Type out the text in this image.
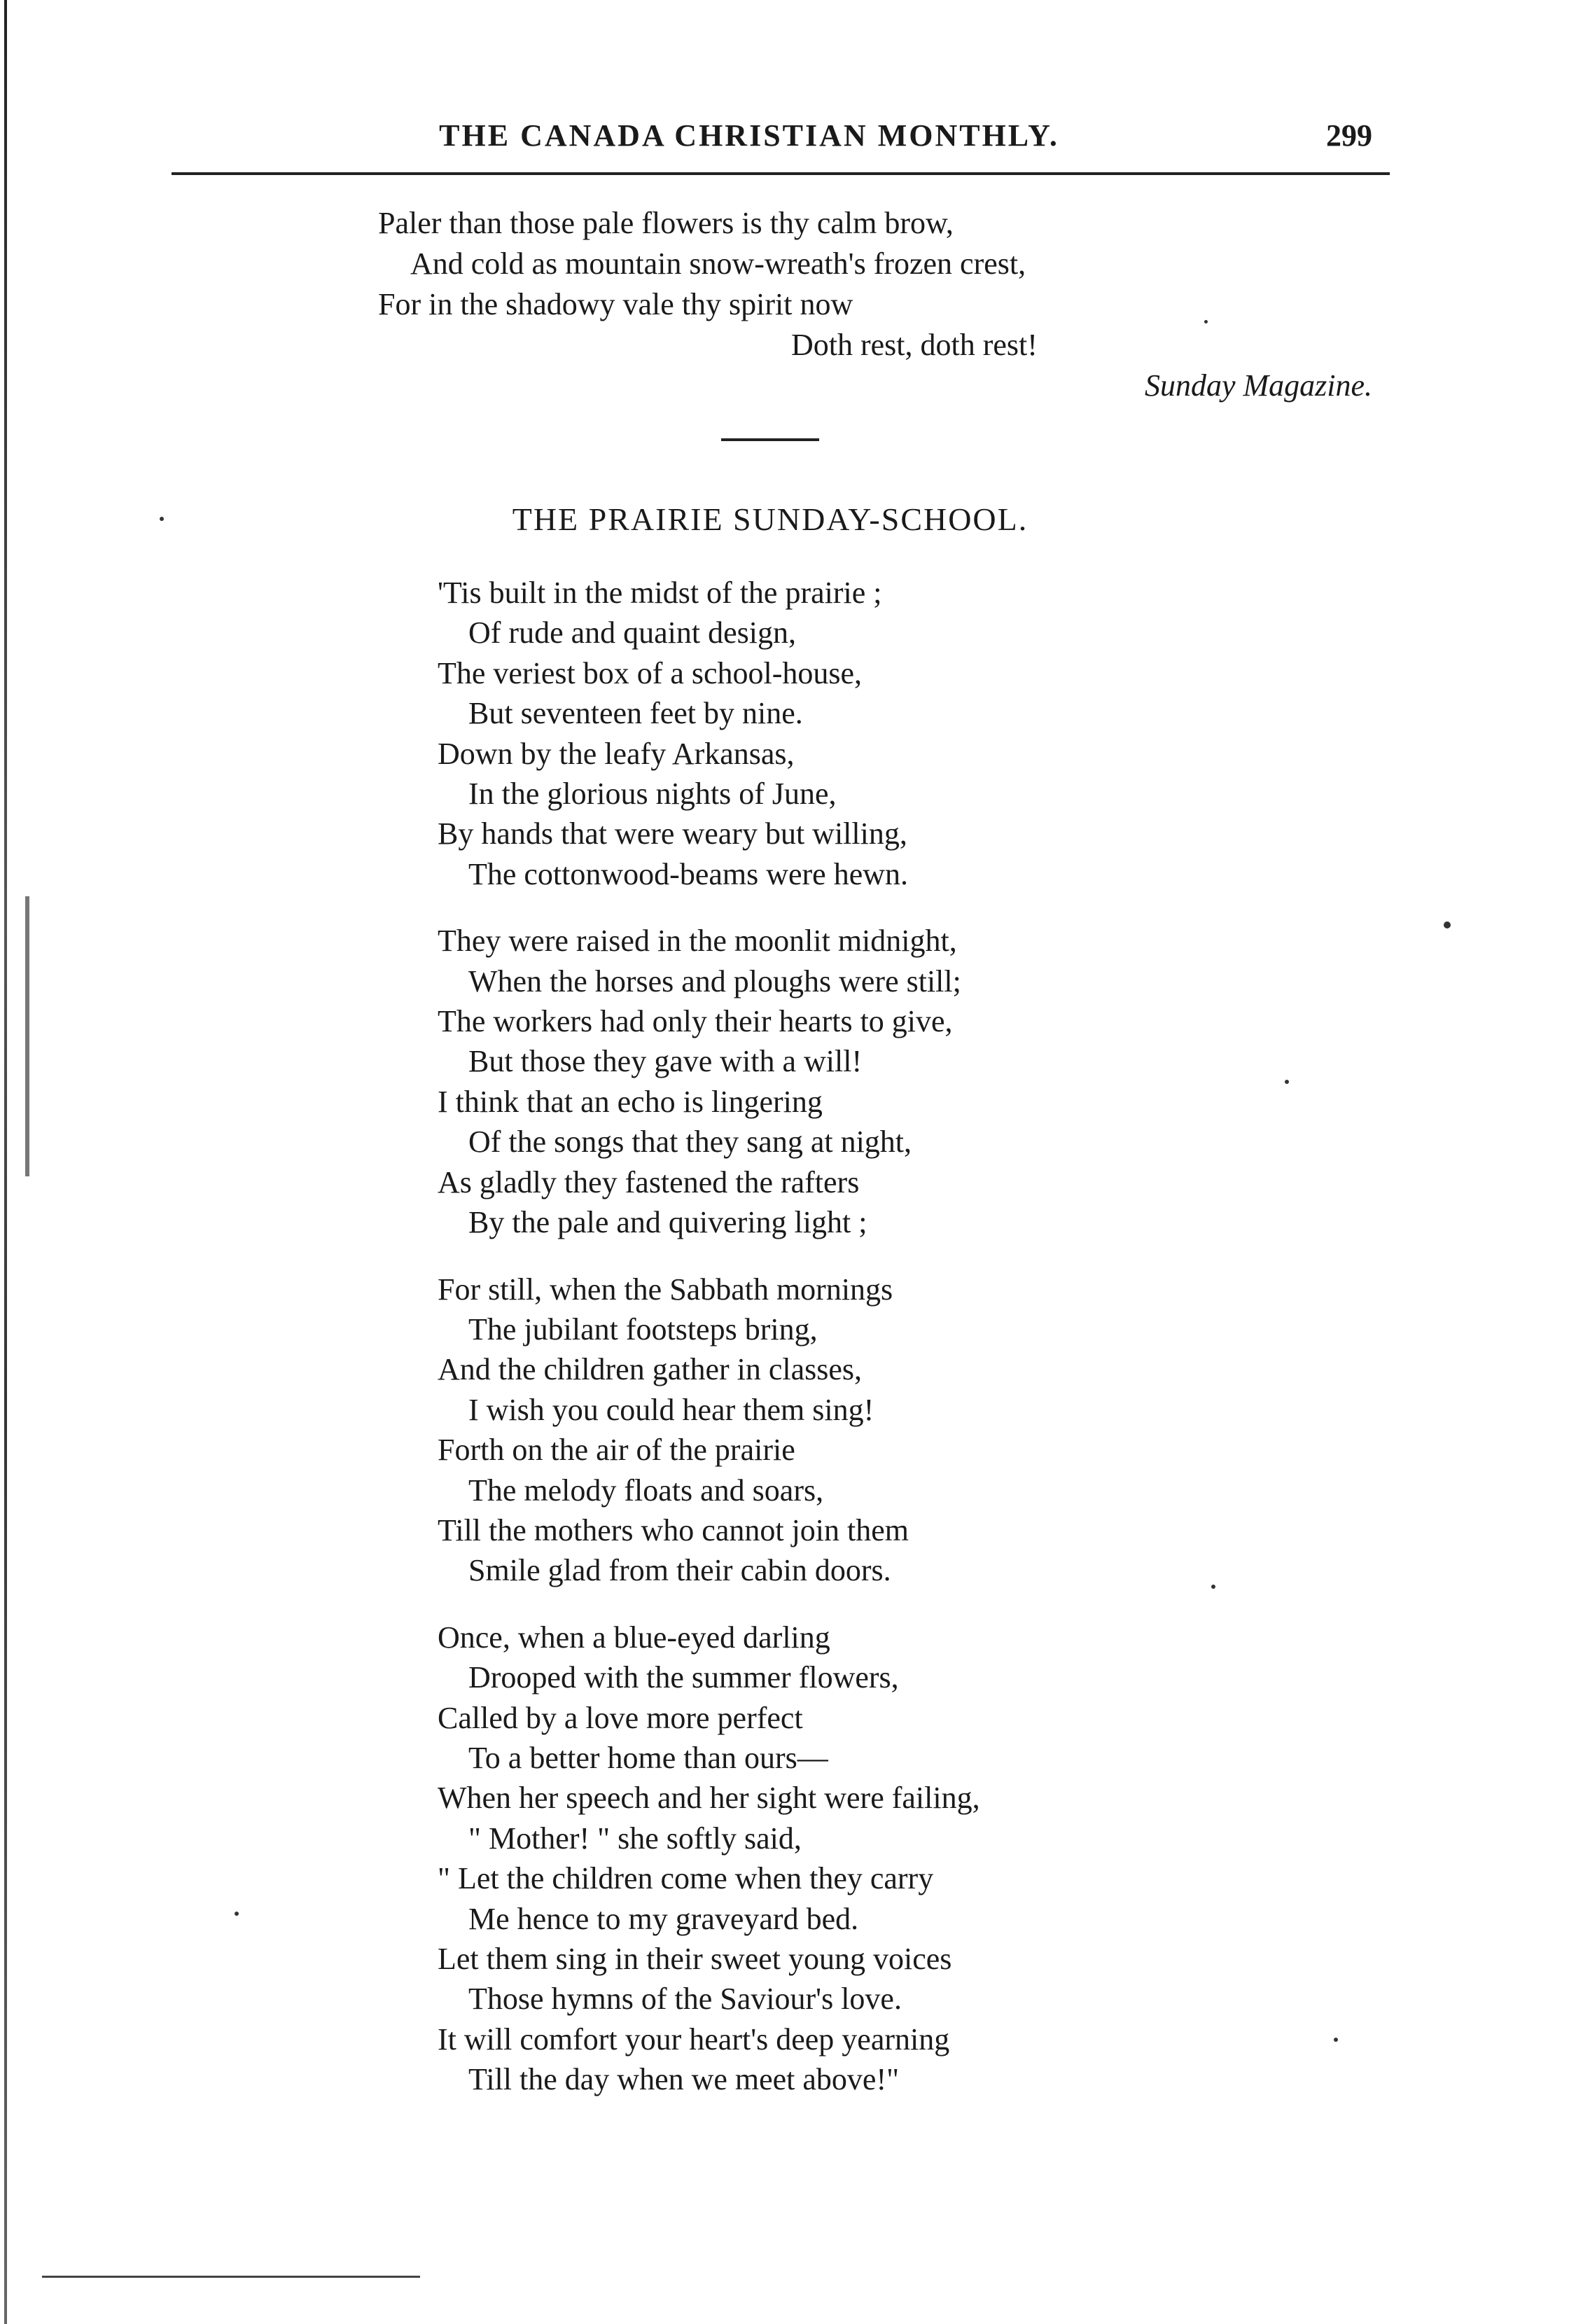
THE CANADA CHRISTIAN MONTHLY.	299
Paler than those pale flowers is thy calm brow,
And cold as mountain snow-wreath's frozen crest,
For in the shadowy vale thy spirit now
Doth rest, doth rest!
Sunday Magazine.
THE PRAIRIE SUNDAY-SCHOOL.
'Tis built in the midst of the prairie ;
Of rude and quaint design,
The veriest box of a school-house,
But seventeen feet by nine.
Down by the leafy Arkansas,
In the glorious nights of June,
By hands that were weary but willing,
The cottonwood-beams were hewn.
They were raised in the moonlit midnight,
When the horses and ploughs were still;
The workers had only their hearts to give,
But those they gave with a will!
I think that an echo is lingering
Of the songs that they sang at night,
As gladly they fastened the rafters
By the pale and quivering light ;
For still, when the Sabbath mornings
The jubilant footsteps bring,
And the children gather in classes,
I wish you could hear them sing!
Forth on the air of the prairie
The melody floats and soars,
Till the mothers who cannot join them
Smile glad from their cabin doors.
Once, when a blue-eyed darling
Drooped with the summer flowers,
Called by a love more perfect
To a better home than ours—
When her speech and her sight were failing,
" Mother! " she softly said,
" Let the children come when they carry
Me hence to my graveyard bed.
Let them sing in their sweet young voices
Those hymns of the Saviour's love.
It will comfort your heart's deep yearning
Till the day when we meet above!"
